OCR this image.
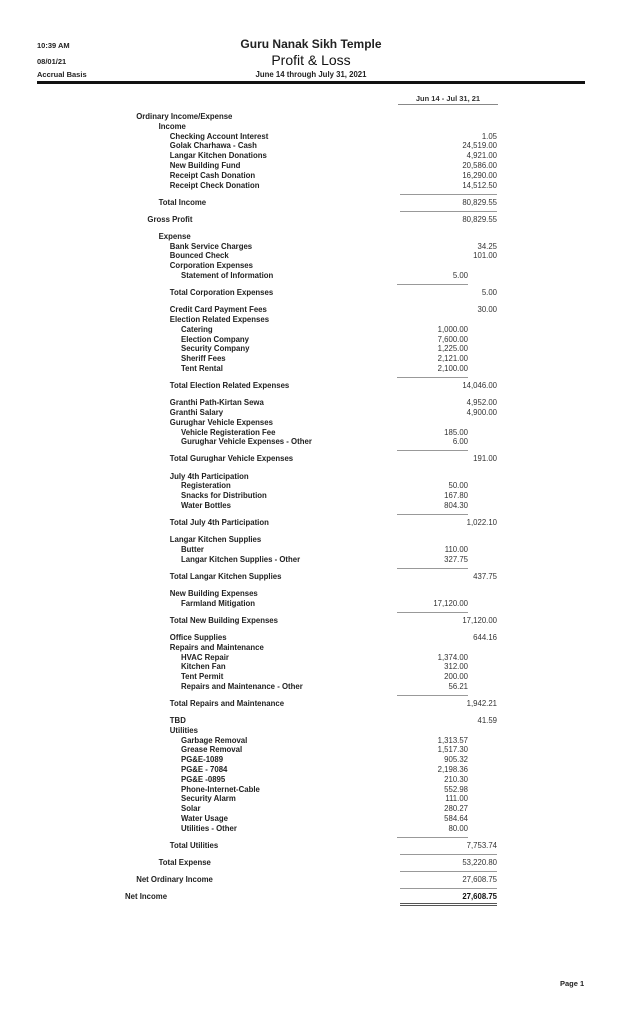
10:39 AM
08/01/21
Accrual Basis
Guru Nanak Sikh Temple
Profit & Loss
June 14 through July 31, 2021
Jun 14 - Jul 31, 21
Ordinary Income/Expense
Income
Checking Account Interest	1.05
Golak Charhawa - Cash	24,519.00
Langar Kitchen Donations	4,921.00
New Building Fund	20,586.00
Receipt Cash Donation	16,290.00
Receipt Check Donation	14,512.50
Total Income	80,829.55
Gross Profit	80,829.55
Expense
Bank Service Charges	34.25
Bounced Check	101.00
Corporation Expenses
Statement of Information	5.00
Total Corporation Expenses	5.00
Credit Card Payment Fees	30.00
Election Related Expenses
Catering	1,000.00
Election Company	7,600.00
Security Company	1,225.00
Sheriff Fees	2,121.00
Tent Rental	2,100.00
Total Election Related Expenses	14,046.00
Granthi Path-Kirtan Sewa	4,952.00
Granthi Salary	4,900.00
Gurughar Vehicle Expenses
Vehicle Registeration Fee	185.00
Gurughar Vehicle Expenses - Other	6.00
Total Gurughar Vehicle Expenses	191.00
July 4th Participation
Registeration	50.00
Snacks for Distribution	167.80
Water Bottles	804.30
Total July 4th Participation	1,022.10
Langar Kitchen Supplies
Butter	110.00
Langar Kitchen Supplies - Other	327.75
Total Langar Kitchen Supplies	437.75
New Building Expenses
Farmland Mitigation	17,120.00
Total New Building Expenses	17,120.00
Office Supplies	644.16
Repairs and Maintenance
HVAC Repair	1,374.00
Kitchen Fan	312.00
Tent Permit	200.00
Repairs and Maintenance - Other	56.21
Total Repairs and Maintenance	1,942.21
TBD	41.59
Utilities
Garbage Removal	1,313.57
Grease Removal	1,517.30
PG&E-1089	905.32
PG&E - 7084	2,198.36
PG&E -0895	210.30
Phone-Internet-Cable	552.98
Security Alarm	111.00
Solar	280.27
Water Usage	584.64
Utilities - Other	80.00
Total Utilities	7,753.74
Total Expense	53,220.80
Net Ordinary Income	27,608.75
Net Income	27,608.75
Page 1
